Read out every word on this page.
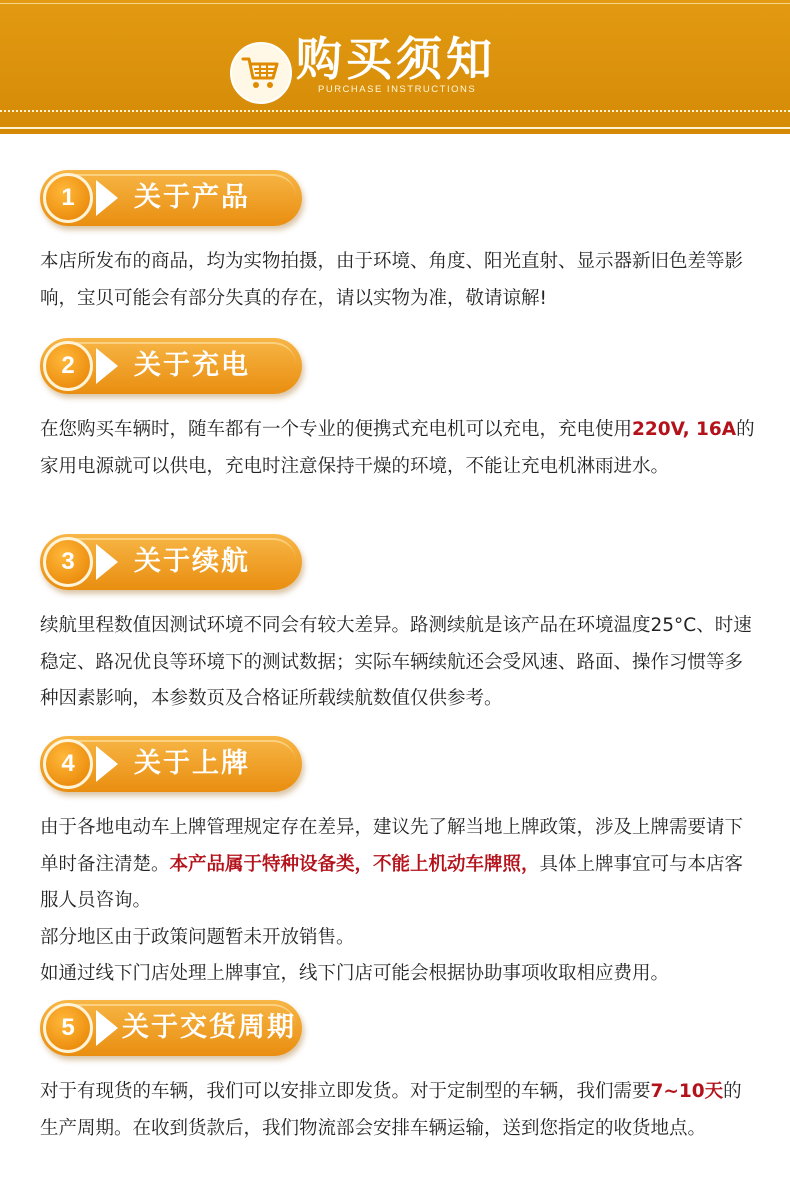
购买须知
PURCHASE INSTRUCTIONS
1	关于产品

本店所发布的商品，均为实物拍摄，由于环境、角度、阳光直射、显示器新旧色差等影响，宝贝可能会有部分失真的存在，请以实物为准，敬请谅解!

2	关于充电

在您购买车辆时，随车都有一个专业的便携式充电机可以充电，充电使用220V, 16A的家用电源就可以供电，充电时注意保持干燥的环境，不能让充电机淋雨进水。

3	关于续航

续航里程数值因测试环境不同会有较大差异。路测续航是该产品在环境温度25°C、时速稳定、路况优良等环境下的测试数据；实际车辆续航还会受风速、路面、操作习惯等多种因素影响，本参数页及合格证所载续航数值仅供参考。

4	关于上牌

由于各地电动车上牌管理规定存在差异，建议先了解当地上牌政策，涉及上牌需要请下单时备注清楚。本产品属于特种设备类，不能上机动车牌照，具体上牌事宜可与本店客服人员咨询。

部分地区由于政策问题暂未开放销售。

如通过线下门店处理上牌事宜，线下门店可能会根据协助事项收取相应费用。

5	关于交货周期

对于有现货的车辆，我们可以安排立即发货。对于定制型的车辆，我们需要7~10天的生产周期。在收到货款后，我们物流部会安排车辆运输，送到您指定的收货地点。
